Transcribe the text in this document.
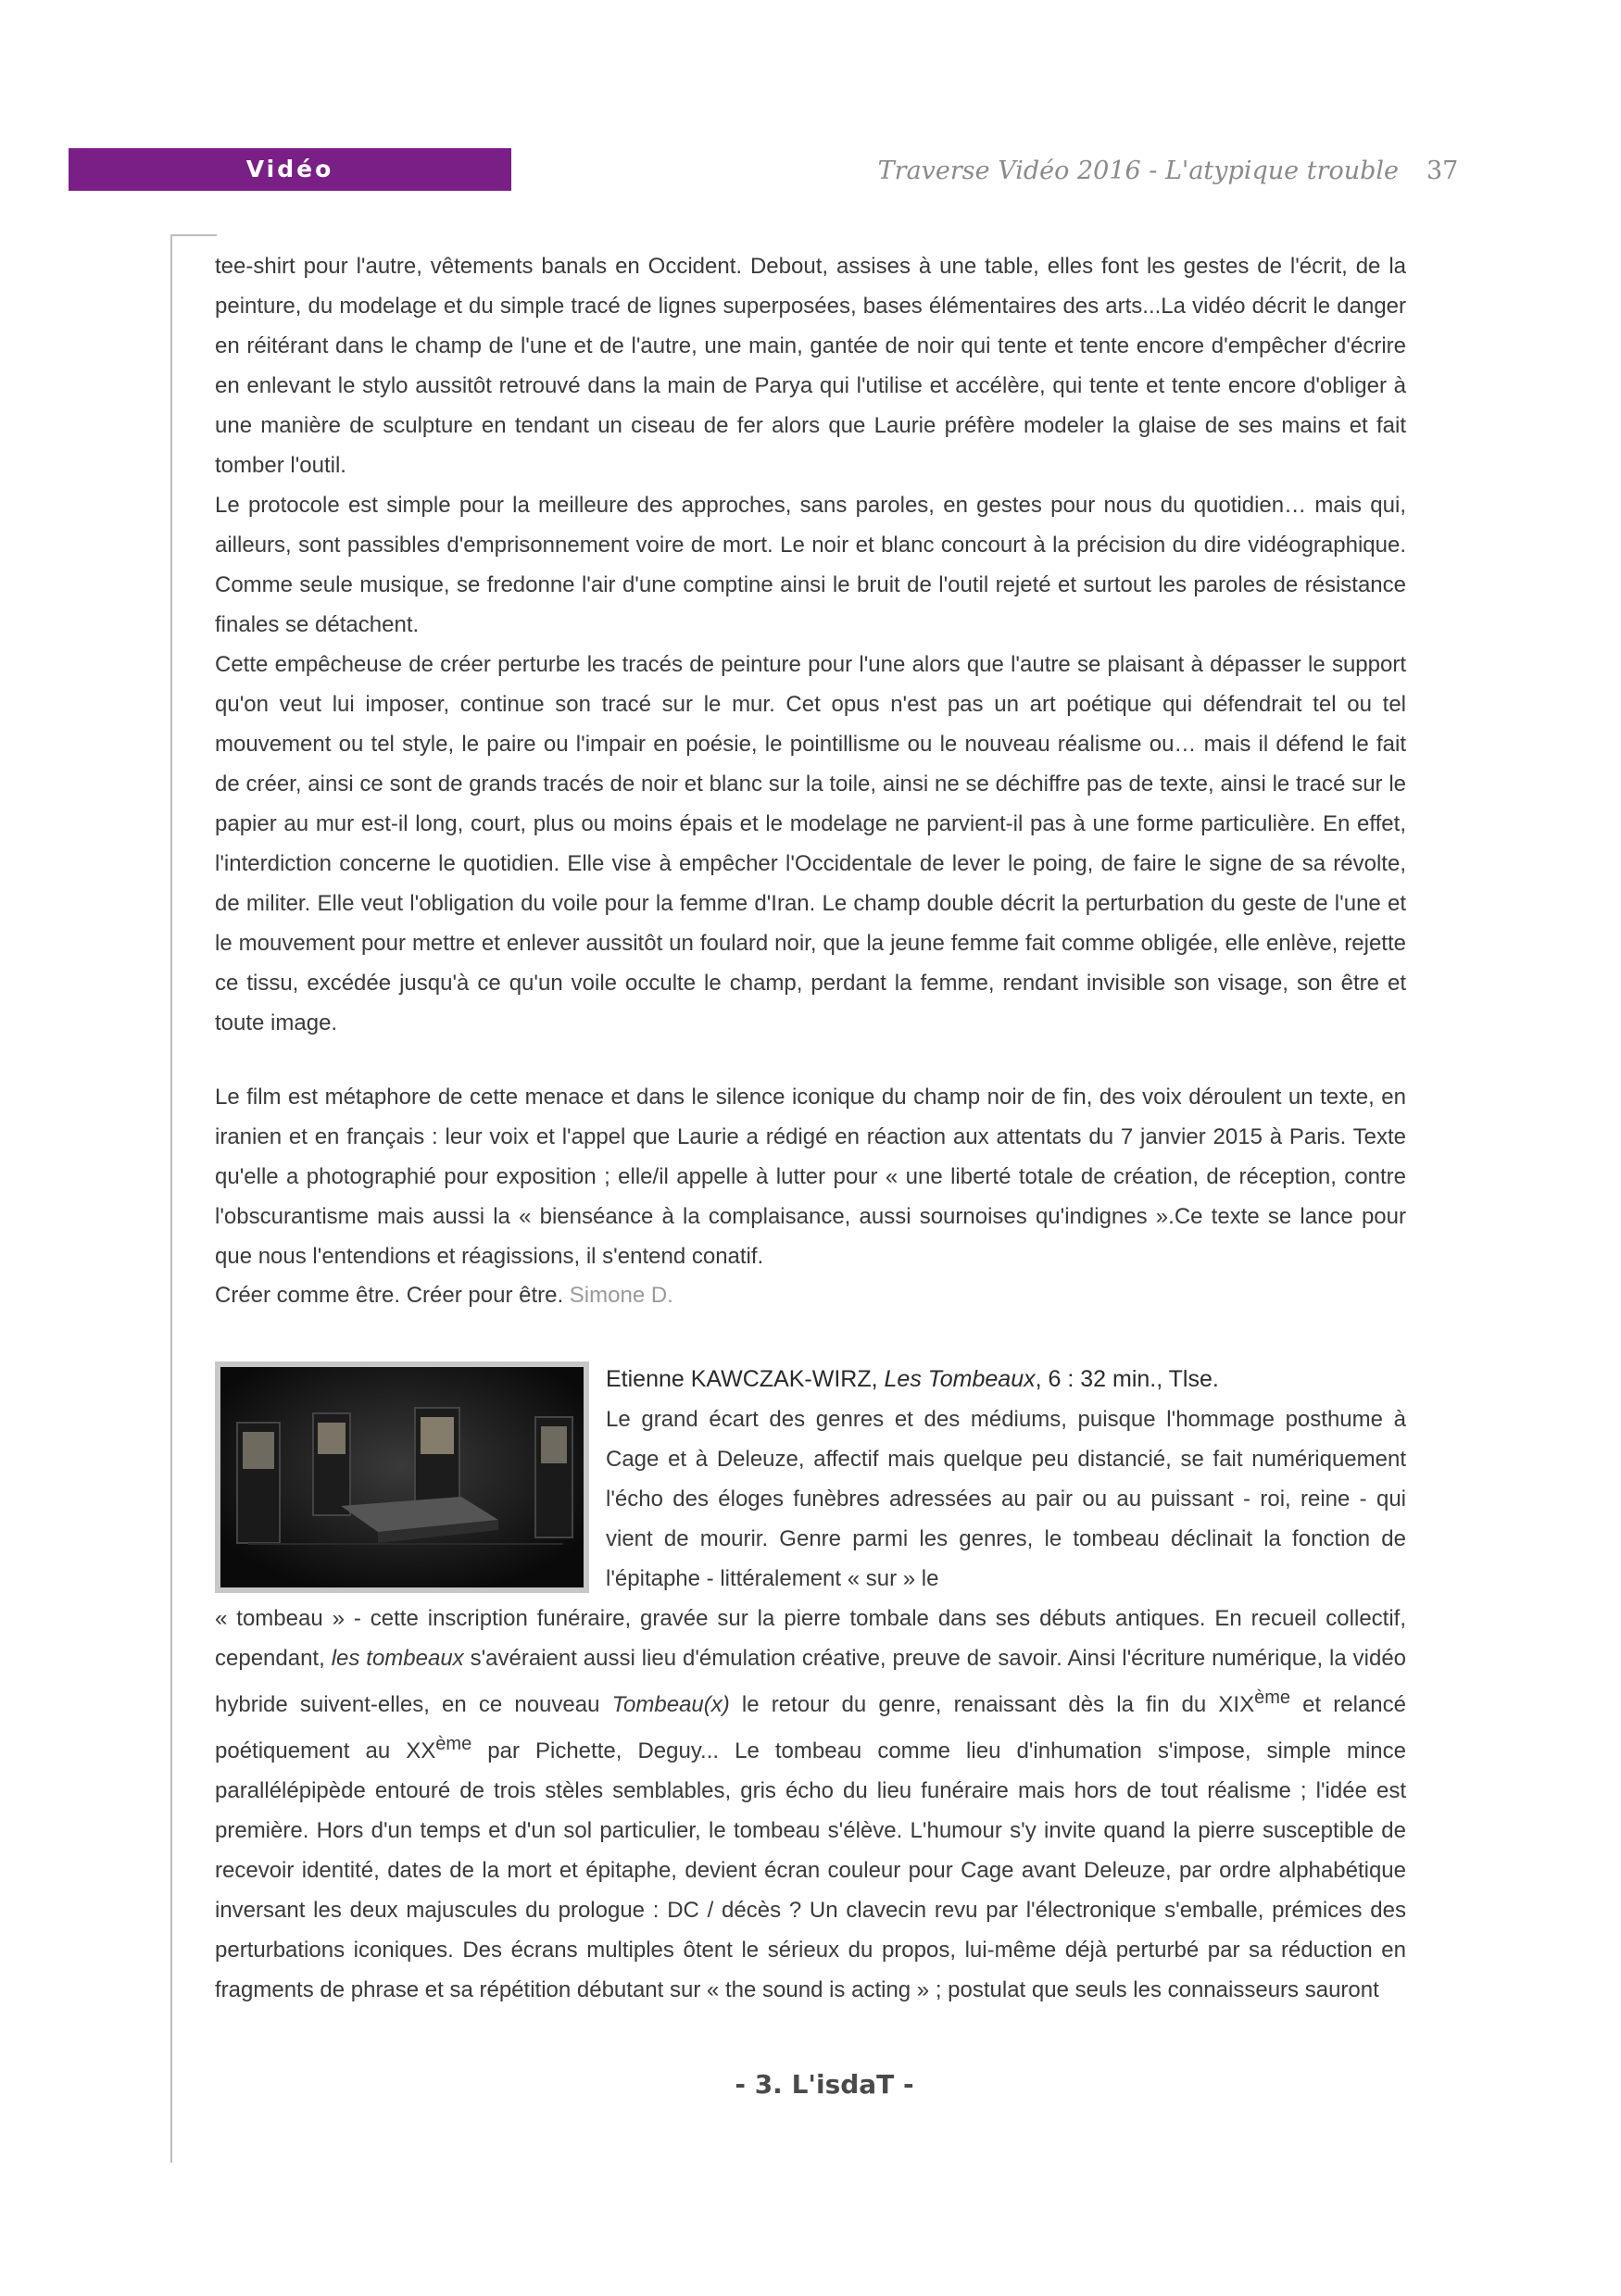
Vidéo	Traverse Vidéo 2016 - L'atypique trouble 37

tee-shirt pour l'autre, vêtements banals en Occident. Debout, assises à une table, elles font les gestes de l'écrit, de la peinture, du modelage et du simple tracé de lignes superposées, bases élémentaires des arts...La vidéo décrit le danger en réitérant dans le champ de l'une et de l'autre, une main, gantée de noir qui tente et tente encore d'empêcher d'écrire en enlevant le stylo aussitôt retrouvé dans la main de Parya qui l'utilise et accélère, qui tente et tente encore d'obliger à une manière de sculpture en tendant un ciseau de fer alors que Laurie préfère modeler la glaise de ses mains et fait tomber l'outil.

Le protocole est simple pour la meilleure des approches, sans paroles, en gestes pour nous du quotidien… mais qui, ailleurs, sont passibles d'emprisonnement voire de mort. Le noir et blanc concourt à la précision du dire vidéographique. Comme seule musique, se fredonne l'air d'une comptine ainsi le bruit de l'outil rejeté et surtout les paroles de résistance finales se détachent.

Cette empêcheuse de créer perturbe les tracés de peinture pour l'une alors que l'autre se plaisant à dépasser le support qu'on veut lui imposer, continue son tracé sur le mur. Cet opus n'est pas un art poétique qui défendrait tel ou tel mouvement ou tel style, le paire ou l'impair en poésie, le pointillisme ou le nouveau réalisme ou… mais il défend le fait de créer, ainsi ce sont de grands tracés de noir et blanc sur la toile, ainsi ne se déchiffre pas de texte, ainsi le tracé sur le papier au mur est-il long, court, plus ou moins épais et le modelage ne parvient-il pas à une forme particulière. En effet, l'interdiction concerne le quotidien. Elle vise à empêcher l'Occidentale de lever le poing, de faire le signe de sa révolte, de militer. Elle veut l'obligation du voile pour la femme d'Iran. Le champ double décrit la perturbation du geste de l'une et le mouvement pour mettre et enlever aussitôt un foulard noir, que la jeune femme fait comme obligée, elle enlève, rejette ce tissu, excédée jusqu'à ce qu'un voile occulte le champ, perdant la femme, rendant invisible son visage, son être et toute image.

Le film est métaphore de cette menace et dans le silence iconique du champ noir de fin, des voix déroulent un texte, en iranien et en français : leur voix et l'appel que Laurie a rédigé en réaction aux attentats du 7 janvier 2015 à Paris. Texte qu'elle a photographié pour exposition ; elle/il appelle à lutter pour « une liberté totale de création, de réception, contre l'obscurantisme mais aussi la « bienséance à la complaisance, aussi sournoises qu'indignes ».Ce texte se lance pour que nous l'entendions et réagissions, il s'entend conatif.

Créer comme être. Créer pour être. Simone D.

Etienne KAWCZAK-WIRZ, Les Tombeaux, 6 : 32 min., Tlse.

Le grand écart des genres et des médiums, puisque l'hommage posthume à Cage et à Deleuze, affectif mais quelque peu distancié, se fait numériquement l'écho des éloges funèbres adressées au pair ou au puissant - roi, reine - qui vient de mourir. Genre parmi les genres, le tombeau déclinait la fonction de l'épitaphe - littéralement « sur » le

« tombeau » - cette inscription funéraire, gravée sur la pierre tombale dans ses débuts antiques. En recueil collectif, cependant, les tombeaux s'avéraient aussi lieu d'émulation créative, preuve de savoir. Ainsi l'écriture numérique, la vidéo hybride suivent-elles, en ce nouveau Tombeau(x) le retour du genre, renaissant dès la fin du XIXème et relancé poétiquement au XXème par Pichette, Deguy... Le tombeau comme lieu d'inhumation s'impose, simple mince parallélépipède entouré de trois stèles semblables, gris écho du lieu funéraire mais hors de tout réalisme ; l'idée est première. Hors d'un temps et d'un sol particulier, le tombeau s'élève. L'humour s'y invite quand la pierre susceptible de recevoir identité, dates de la mort et épitaphe, devient écran couleur pour Cage avant Deleuze, par ordre alphabétique inversant les deux majuscules du prologue : DC / décès ? Un clavecin revu par l'électronique s'emballe, prémices des perturbations iconiques. Des écrans multiples ôtent le sérieux du propos, lui-même déjà perturbé par sa réduction en fragments de phrase et sa répétition débutant sur « the sound is acting » ; postulat que seuls les connaisseurs sauront

- 3. L'isdaT -
